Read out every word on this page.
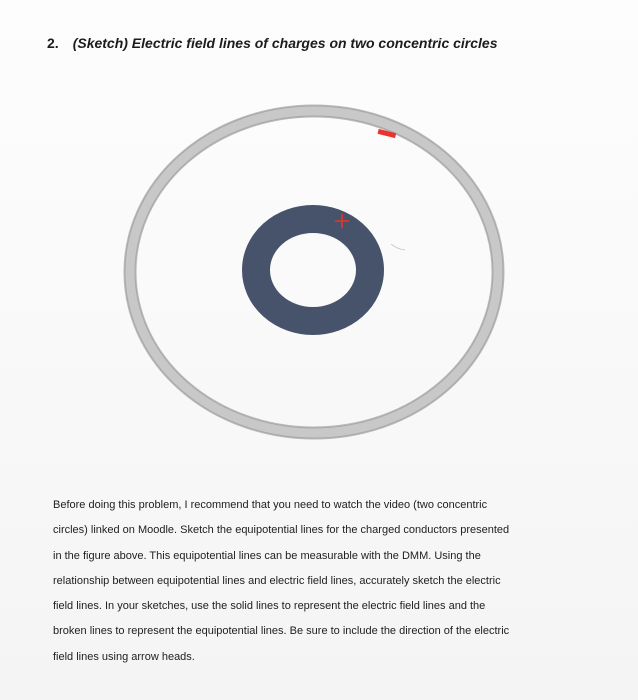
2. (Sketch) Electric field lines of charges on two concentric circles
Before doing this problem, I recommend that you need to watch the video (two concentric
circles) linked on Moodle. Sketch the equipotential lines for the charged conductors presented
in the figure above. This equipotential lines can be measurable with the DMM. Using the
relationship between equipotential lines and electric field lines, accurately sketch the electric
field lines. In your sketches, use the solid lines to represent the electric field lines and the
broken lines to represent the equipotential lines. Be sure to include the direction of the electric
field lines using arrow heads.
